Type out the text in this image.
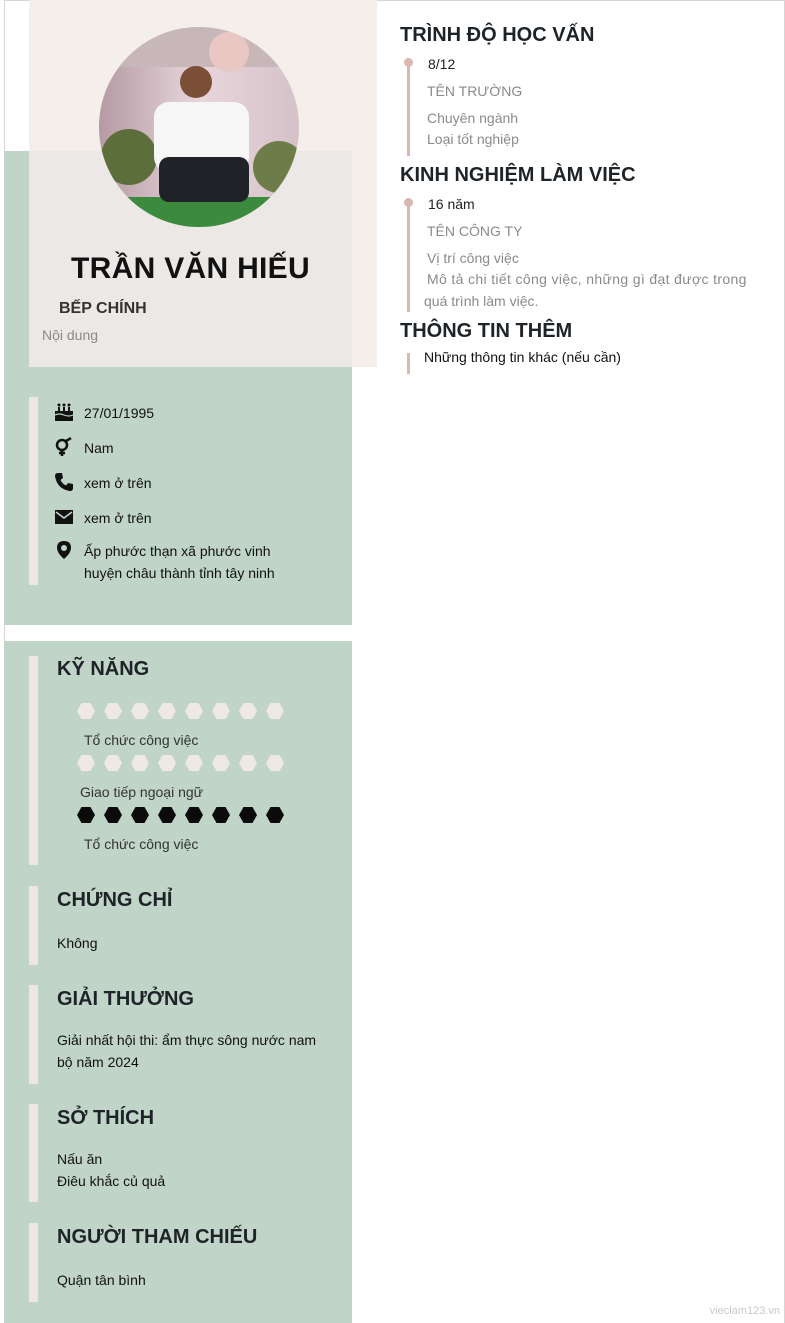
TRẦN VĂN HIẾU
BẾP CHÍNH
Nội dung
27/01/1995
Nam
xem ở trên
xem ở trên
Ấp phước thạn xã phước vinh
huyện châu thành tỉnh tây ninh
KỸ NĂNG
Tổ chức công việc
Giao tiếp ngoại ngữ
Tổ chức công việc
CHỨNG CHỈ
Không
GIẢI THƯỞNG
Giải nhất hội thi: ẩm thực sông nước nam bộ năm 2024
SỞ THÍCH
Nấu ăn
Điêu khắc củ quả
NGƯỜI THAM CHIẾU
Quận tân bình
TRÌNH ĐỘ HỌC VẤN
8/12
TÊN TRƯỜNG
Chuyên ngành
Loại tốt nghiệp
KINH NGHIỆM LÀM VIỆC
16 năm
TÊN CÔNG TY
Vị trí công việc
Mô tả chi tiết công việc, những gì đạt được trong
quá trình làm việc.
THÔNG TIN THÊM
Những thông tin khác (nếu cần)
vieclam123.vn
